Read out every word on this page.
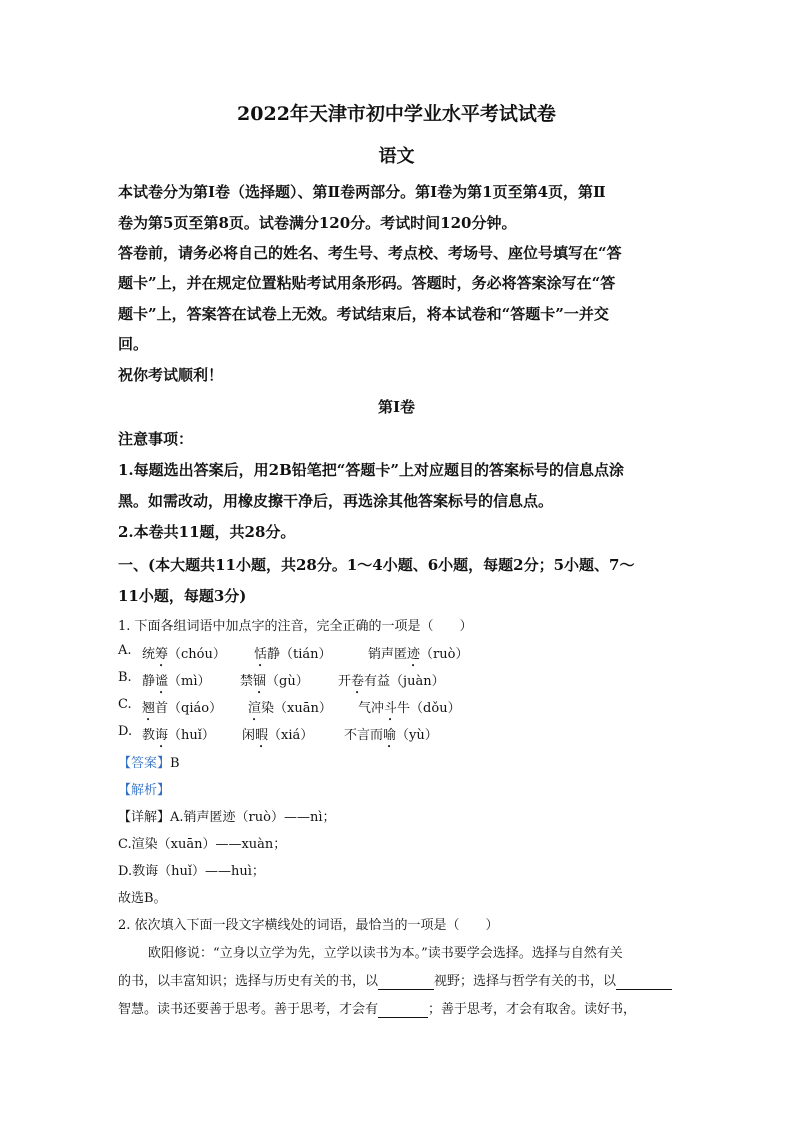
2022年天津市初中学业水平考试试卷
语文
本试卷分为第Ⅰ卷（选择题）、第Ⅱ卷两部分。第Ⅰ卷为第1页至第4页，第Ⅱ
卷为第5页至第8页。试卷满分120分。考试时间120分钟。
答卷前，请务必将自己的姓名、考生号、考点校、考场号、座位号填写在“答
题卡”上，并在规定位置粘贴考试用条形码。答题时，务必将答案涂写在“答
题卡”上，答案答在试卷上无效。考试结束后，将本试卷和“答题卡”一并交
回。
祝你考试顺利！
第Ⅰ卷
注意事项：
1.每题选出答案后，用2B铅笔把“答题卡”上对应题目的答案标号的信息点涂
黑。如需改动，用橡皮擦干净后，再选涂其他答案标号的信息点。
2.本卷共11题，共28分。
一、(本大题共11小题，共28分。1～4小题、6小题，每题2分；5小题、7～
11小题，每题3分)
1. 下面各组词语中加点字的注音，完全正确的一项是（　　）
A. 统筹（chóu） 恬静（tián）	销声匿迹（ruò）
B. 静谧（mì） 禁锢（gù） 开卷有益（juàn）
C. 翘首（qiáo） 渲染（xuān） 气冲斗牛（dǒu）
D. 教诲（huǐ） 闲暇（xiá） 不言而喻（yù）
【答案】B
【解析】
【详解】A.销声匿迹（ruò）——nì；
C.渲染（xuān）——xuàn；
D.教诲（huǐ）——huì；
故选B。
2. 依次填入下面一段文字横线处的词语，最恰当的一项是（　　）
欧阳修说：“立身以立学为先，立学以读书为本。”读书要学会选择。选择与自然有关
的书，以丰富知识；选择与历史有关的书，以	视野；选择与哲学有关的书，以
智慧。读书还要善于思考。善于思考，才会有	；善于思考，才会有取舍。读好书，
